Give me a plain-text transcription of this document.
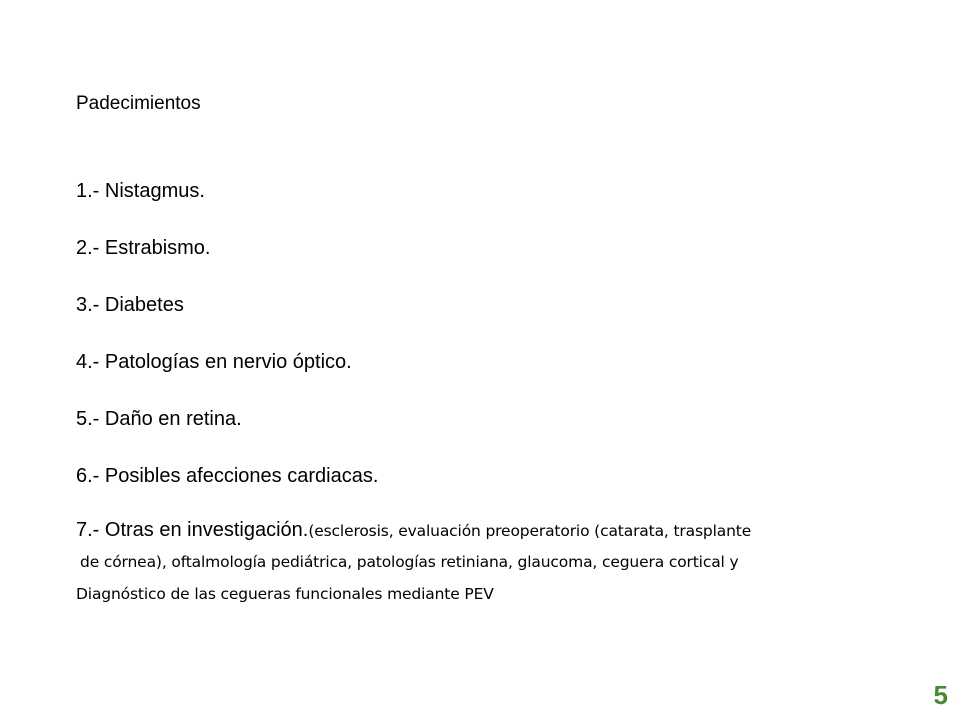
Padecimientos
1.- Nistagmus.
2.- Estrabismo.
3.- Diabetes
4.- Patologías en nervio óptico.
5.- Daño en retina.
6.- Posibles afecciones cardiacas.
7.- Otras en investigación.(esclerosis, evaluación preoperatorio (catarata, trasplante
de córnea), oftalmología pediátrica, patologías retiniana, glaucoma, ceguera cortical y
Diagnóstico de las cegueras funcionales mediante PEV
5
